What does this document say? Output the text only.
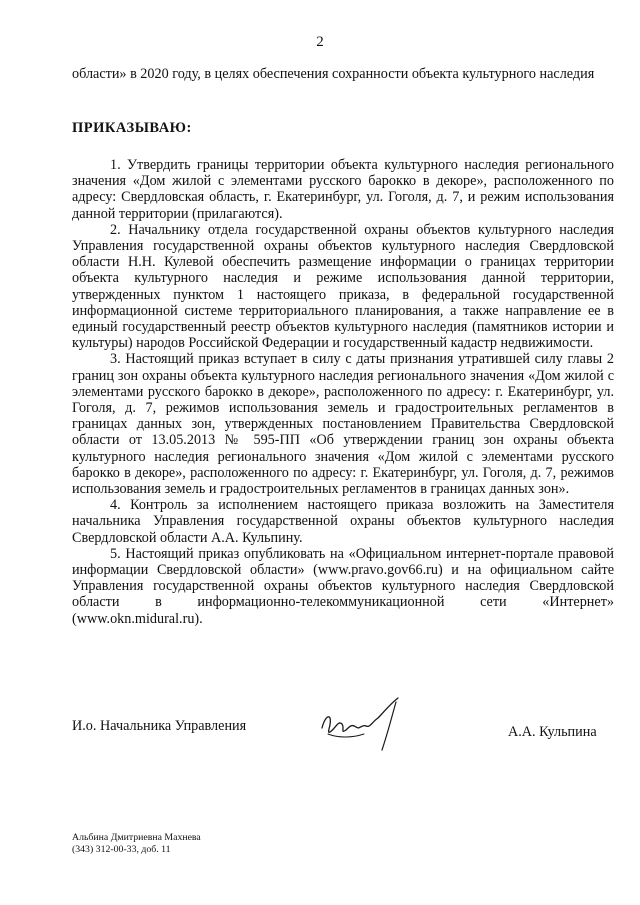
2
области» в 2020 году, в целях обеспечения сохранности объекта культурного наследия
ПРИКАЗЫВАЮ:

1. Утвердить границы территории объекта культурного наследия регионального значения «Дом жилой с элементами русского барокко в декоре», расположенного по адресу: Свердловская область, г. Екатеринбург, ул. Гоголя, д. 7, и режим использования данной территории (прилагаются).

2. Начальнику отдела государственной охраны объектов культурного наследия Управления государственной охраны объектов культурного наследия Свердловской области Н.Н. Кулевой обеспечить размещение информации о границах территории объекта культурного наследия и режиме использования данной территории, утвержденных пунктом 1 настоящего приказа, в федеральной государственной информационной системе территориального планирования, а также направление ее в единый государственный реестр объектов культурного наследия (памятников истории и культуры) народов Российской Федерации и государственный кадастр недвижимости.

3. Настоящий приказ вступает в силу с даты признания утратившей силу главы 2 границ зон охраны объекта культурного наследия регионального значения «Дом жилой с элементами русского барокко в декоре», расположенного по адресу: г. Екатеринбург, ул. Гоголя, д. 7, режимов использования земель и градостроительных регламентов в границах данных зон, утвержденных постановлением Правительства Свердловской области от 13.05.2013 № 595-ПП «Об утверждении границ зон охраны объекта культурного наследия регионального значения «Дом жилой с элементами русского барокко в декоре», расположенного по адресу: г. Екатеринбург, ул. Гоголя, д. 7, режимов использования земель и градостроительных регламентов в границах данных зон».

4. Контроль за исполнением настоящего приказа возложить на Заместителя начальника Управления государственной охраны объектов культурного наследия Свердловской области А.А. Кульпину.

5. Настоящий приказ опубликовать на «Официальном интернет-портале правовой информации Свердловской области» (www.pravo.gov66.ru) и на официальном сайте Управления государственной охраны объектов культурного наследия Свердловской области в информационно-телекоммуникационной сети «Интернет» (www.okn.midural.ru).

И.о. Начальника Управления	А.А. Кульпина
Альбина Дмитриевна Махнева
(343) 312-00-33, доб. 11
